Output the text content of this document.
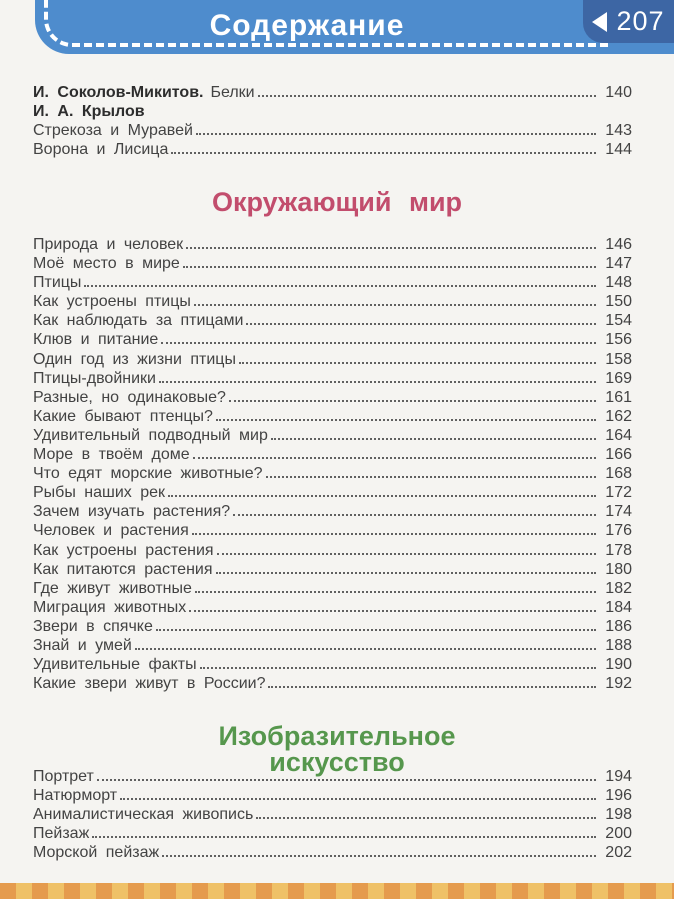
Содержание	207
И. Соколов-Микитов. Белки	140
И. А. Крылов
Стрекоза и Муравей	143
Ворона и Лисица	144
Окружающий мир
Природа и человек	146
Моё место в мире	147
Птицы	148
Как устроены птицы	150
Как наблюдать за птицами	154
Клюв и питание	156
Один год из жизни птицы	158
Птицы-двойники	169
Разные, но одинаковые?	161
Какие бывают птенцы?	162
Удивительный подводный мир	164
Море в твоём доме	166
Что едят морские животные?	168
Рыбы наших рек	172
Зачем изучать растения?	174
Человек и растения	176
Как устроены растения	178
Как питаются растения	180
Где живут животные	182
Миграция животных	184
Звери в спячке	186
Знай и умей	188
Удивительные факты	190
Какие звери живут в России?	192
Изобразительное
искусство
Портрет	194
Натюрморт	196
Анималистическая живопись	198
Пейзаж	200
Морской пейзаж	202
